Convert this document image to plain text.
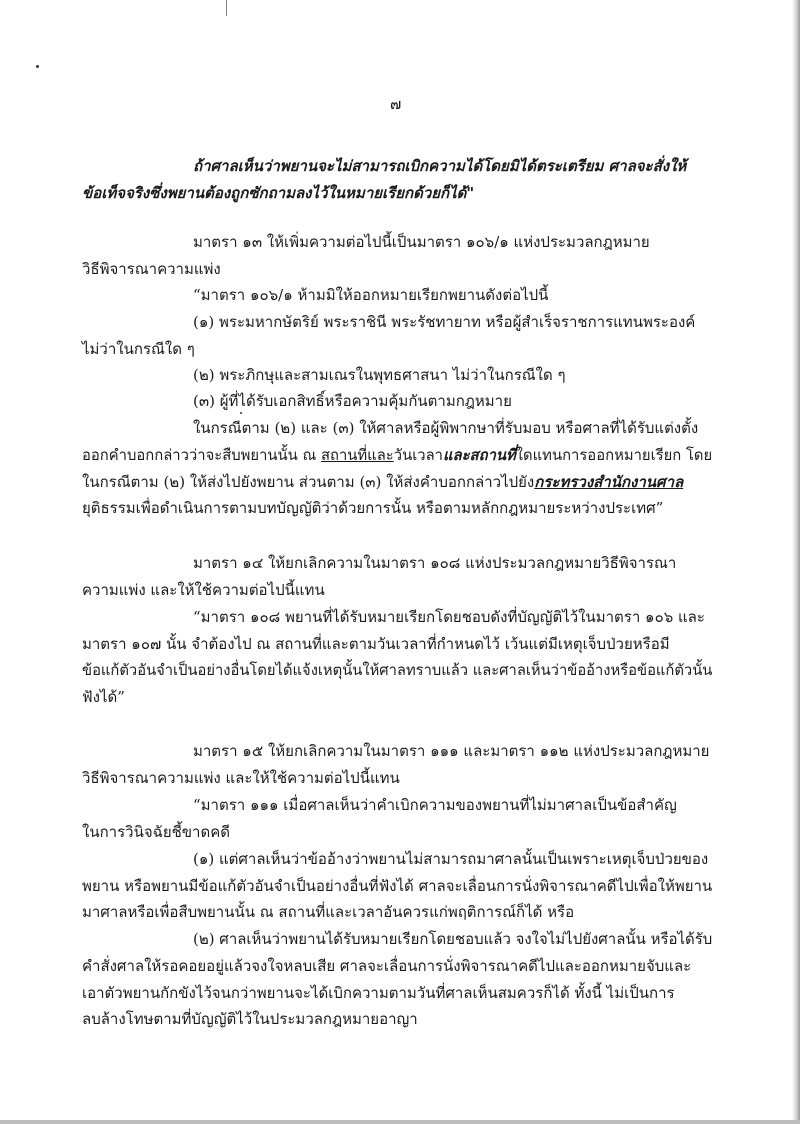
๗
ถ้าศาลเห็นว่าพยานจะไม่สามารถเบิกความได้โดยมิได้ตระเตรียม ศาลจะสั่งให้
ข้อเท็จจริงซึ่งพยานต้องถูกซักถามลงไว้ในหมายเรียกด้วยก็ได้"
มาตรา ๑๓ ให้เพิ่มความต่อไปนี้เป็นมาตรา ๑๐๖/๑ แห่งประมวลกฎหมาย
วิธีพิจารณาความแพ่ง
“มาตรา ๑๐๖/๑ ห้ามมิให้ออกหมายเรียกพยานดังต่อไปนี้
(๑) พระมหากษัตริย์ พระราชินี พระรัชทายาท หรือผู้สำเร็จราชการแทนพระองค์
ไม่ว่าในกรณีใด ๆ
(๒) พระภิกษุและสามเณรในพุทธศาสนา ไม่ว่าในกรณีใด ๆ
(๓) ผู้ที่ได้รับเอกสิทธิ์หรือความคุ้มกันตามกฎหมาย
ในกรณีตาม (๒) และ (๓) ให้ศาลหรือผู้พิพากษาที่รับมอบ หรือศาลที่ได้รับแต่งตั้ง
ออกคำบอกกล่าวว่าจะสืบพยานนั้น ณ สถานที่และวันเวลาและสถานที่ใดแทนการออกหมายเรียก โดย
ในกรณีตาม (๒) ให้ส่งไปยังพยาน ส่วนตาม (๓) ให้ส่งคำบอกกล่าวไปยังกระทรวงสำนักงานศาล
ยุติธรรมเพื่อดำเนินการตามบทบัญญัติว่าด้วยการนั้น หรือตามหลักกฎหมายระหว่างประเทศ”
มาตรา ๑๔ ให้ยกเลิกความในมาตรา ๑๐๘ แห่งประมวลกฎหมายวิธีพิจารณา
ความแพ่ง และให้ใช้ความต่อไปนี้แทน
“มาตรา ๑๐๘ พยานที่ได้รับหมายเรียกโดยชอบดังที่บัญญัติไว้ในมาตรา ๑๐๖ และ
มาตรา ๑๐๗ นั้น จำต้องไป ณ สถานที่และตามวันเวลาที่กำหนดไว้ เว้นแต่มีเหตุเจ็บป่วยหรือมี
ข้อแก้ตัวอันจำเป็นอย่างอื่นโดยได้แจ้งเหตุนั้นให้ศาลทราบแล้ว และศาลเห็นว่าข้ออ้างหรือข้อแก้ตัวนั้น
ฟังได้”
มาตรา ๑๕ ให้ยกเลิกความในมาตรา ๑๑๑ และมาตรา ๑๑๒ แห่งประมวลกฎหมาย
วิธีพิจารณาความแพ่ง และให้ใช้ความต่อไปนี้แทน
“มาตรา ๑๑๑ เมื่อศาลเห็นว่าคำเบิกความของพยานที่ไม่มาศาลเป็นข้อสำคัญ
ในการวินิจฉัยชี้ขาดคดี
(๑) แต่ศาลเห็นว่าข้ออ้างว่าพยานไม่สามารถมาศาลนั้นเป็นเพราะเหตุเจ็บป่วยของ
พยาน หรือพยานมีข้อแก้ตัวอันจำเป็นอย่างอื่นที่ฟังได้ ศาลจะเลื่อนการนั่งพิจารณาคดีไปเพื่อให้พยาน
มาศาลหรือเพื่อสืบพยานนั้น ณ สถานที่และเวลาอันควรแก่พฤติการณ์ก็ได้ หรือ
(๒) ศาลเห็นว่าพยานได้รับหมายเรียกโดยชอบแล้ว จงใจไม่ไปยังศาลนั้น หรือได้รับ
คำสั่งศาลให้รอคอยอยู่แล้วจงใจหลบเสีย ศาลจะเลื่อนการนั่งพิจารณาคดีไปและออกหมายจับและ
เอาตัวพยานกักขังไว้จนกว่าพยานจะได้เบิกความตามวันที่ศาลเห็นสมควรก็ได้ ทั้งนี้ ไม่เป็นการ
ลบล้างโทษตามที่บัญญัติไว้ในประมวลกฎหมายอาญา
